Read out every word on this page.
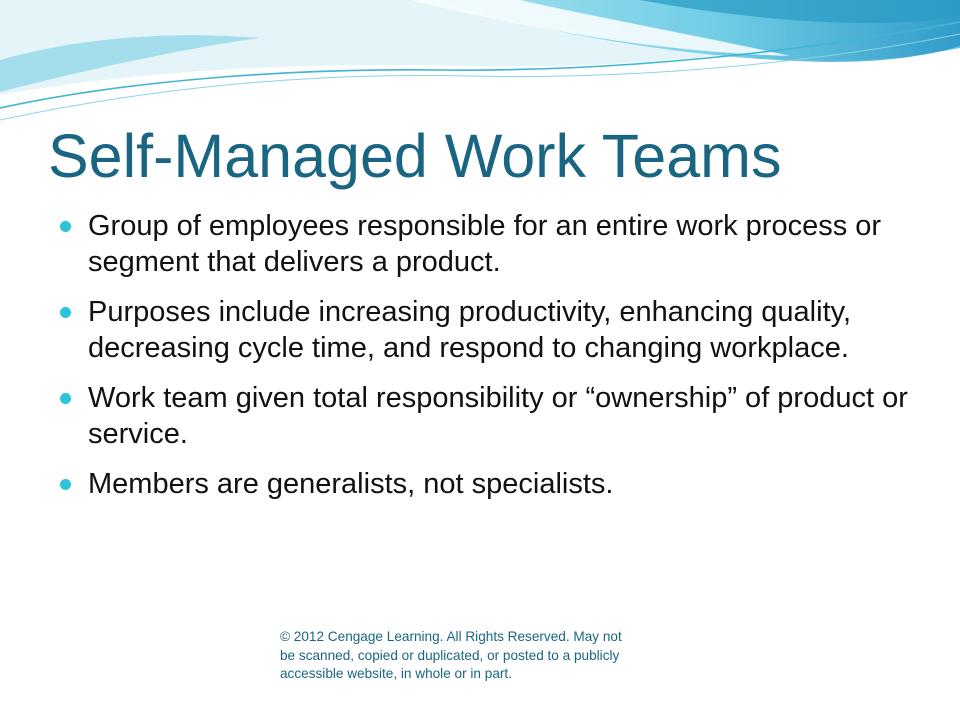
Self-Managed Work Teams
Group of employees responsible for an entire work process or segment that delivers a product.
Purposes include increasing productivity, enhancing quality, decreasing cycle time, and respond to changing workplace.
Work team given total responsibility or “ownership” of product or service.
Members are generalists, not specialists.

© 2012 Cengage Learning. All Rights Reserved. May not be scanned, copied or duplicated, or posted to a publicly accessible website, in whole or in part.
